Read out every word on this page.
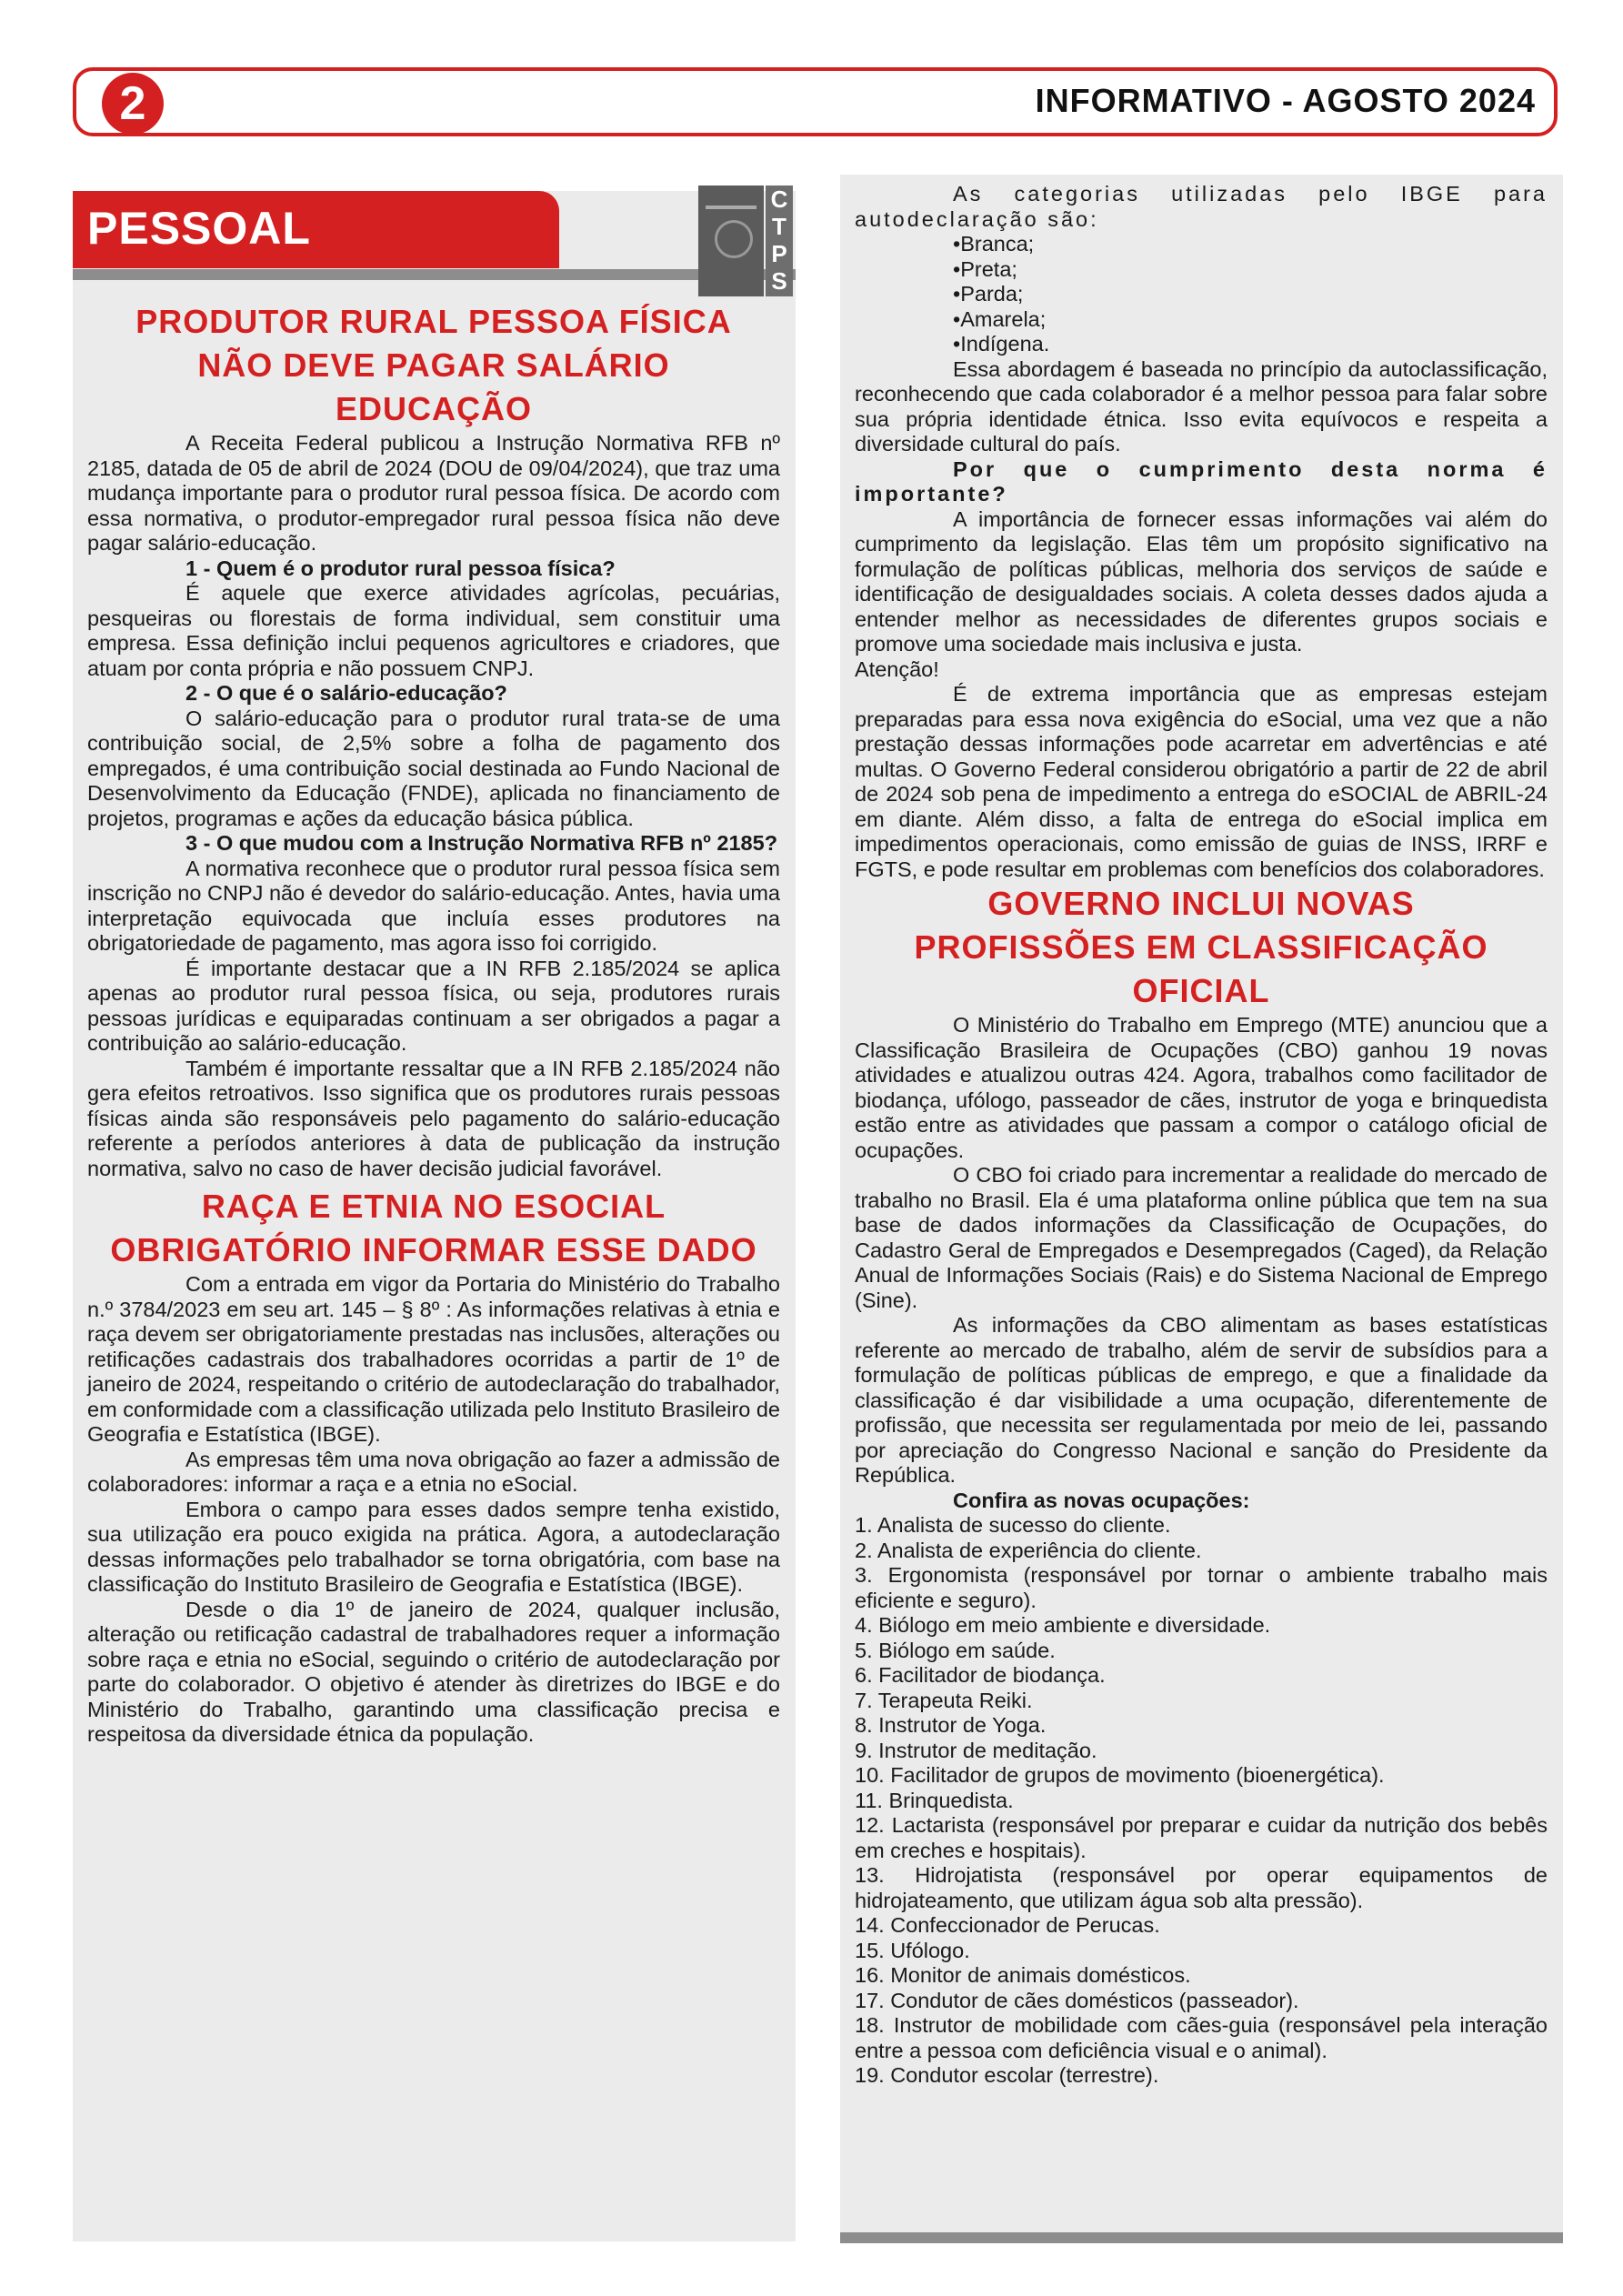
2	INFORMATIVO - AGOSTO 2024
PESSOAL
C
T
P
S
PRODUTOR RURAL PESSOA FÍSICA
NÃO DEVE PAGAR SALÁRIO
EDUCAÇÃO

A Receita Federal publicou a Instrução Normativa RFB nº 2185, datada de 05 de abril de 2024 (DOU de 09/04/2024), que traz uma mudança importante para o produtor rural pessoa física. De acordo com essa normativa, o produtor-empregador rural pessoa física não deve pagar salário-educação.

1 - Quem é o produtor rural pessoa física?

É aquele que exerce atividades agrícolas, pecuárias, pesqueiras ou florestais de forma individual, sem constituir uma empresa. Essa definição inclui pequenos agricultores e criadores, que atuam por conta própria e não possuem CNPJ.

2 - O que é o salário-educação?

O salário-educação para o produtor rural trata-se de uma contribuição social, de 2,5% sobre a folha de pagamento dos empregados, é uma contribuição social destinada ao Fundo Nacional de Desenvolvimento da Educação (FNDE), aplicada no financiamento de projetos, programas e ações da educação básica pública.

3 - O que mudou com a Instrução Normativa RFB nº 2185?

A normativa reconhece que o produtor rural pessoa física sem inscrição no CNPJ não é devedor do salário-educação. Antes, havia uma interpretação equivocada que incluía esses produtores na obrigatoriedade de pagamento, mas agora isso foi corrigido.

É importante destacar que a IN RFB 2.185/2024 se aplica apenas ao produtor rural pessoa física, ou seja, produtores rurais pessoas jurídicas e equiparadas continuam a ser obrigados a pagar a contribuição ao salário-educação.

Também é importante ressaltar que a IN RFB 2.185/2024 não gera efeitos retroativos. Isso significa que os produtores rurais pessoas físicas ainda são responsáveis pelo pagamento do salário-educação referente a períodos anteriores à data de publicação da instrução normativa, salvo no caso de haver decisão judicial favorável.

RAÇA E ETNIA NO ESOCIAL
OBRIGATÓRIO INFORMAR ESSE DADO

Com a entrada em vigor da Portaria do Ministério do Trabalho n.º 3784/2023 em seu art. 145 – § 8º : As informações relativas à etnia e raça devem ser obrigatoriamente prestadas nas inclusões, alterações ou retificações cadastrais dos trabalhadores ocorridas a partir de 1º de janeiro de 2024, respeitando o critério de autodeclaração do trabalhador, em conformidade com a classificação utilizada pelo Instituto Brasileiro de Geografia e Estatística (IBGE).

As empresas têm uma nova obrigação ao fazer a admissão de colaboradores: informar a raça e a etnia no eSocial.

Embora o campo para esses dados sempre tenha existido, sua utilização era pouco exigida na prática. Agora, a autodeclaração dessas informações pelo trabalhador se torna obrigatória, com base na classificação do Instituto Brasileiro de Geografia e Estatística (IBGE).

Desde o dia 1º de janeiro de 2024, qualquer inclusão, alteração ou retificação cadastral de trabalhadores requer a informação sobre raça e etnia no eSocial, seguindo o critério de autodeclaração por parte do colaborador. O objetivo é atender às diretrizes do IBGE e do Ministério do Trabalho, garantindo uma classificação precisa e respeitosa da diversidade étnica da população.

As categorias utilizadas pelo IBGE para autodeclaração são:

•Branca;
•Preta;
•Parda;
•Amarela;
•Indígena.

Essa abordagem é baseada no princípio da autoclassificação, reconhecendo que cada colaborador é a melhor pessoa para falar sobre sua própria identidade étnica. Isso evita equívocos e respeita a diversidade cultural do país.

Por que o cumprimento desta norma é importante?

A importância de fornecer essas informações vai além do cumprimento da legislação. Elas têm um propósito significativo na formulação de políticas públicas, melhoria dos serviços de saúde e identificação de desigualdades sociais. A coleta desses dados ajuda a entender melhor as necessidades de diferentes grupos sociais e promove uma sociedade mais inclusiva e justa.

Atenção!

É de extrema importância que as empresas estejam preparadas para essa nova exigência do eSocial, uma vez que a não prestação dessas informações pode acarretar em advertências e até multas. O Governo Federal considerou obrigatório a partir de 22 de abril de 2024 sob pena de impedimento a entrega do eSOCIAL de ABRIL-24 em diante. Além disso, a falta de entrega do eSocial implica em impedimentos operacionais, como emissão de guias de INSS, IRRF e FGTS, e pode resultar em problemas com benefícios dos colaboradores.

GOVERNO INCLUI NOVAS
PROFISSÕES EM CLASSIFICAÇÃO
OFICIAL

O Ministério do Trabalho em Emprego (MTE) anunciou que a Classificação Brasileira de Ocupações (CBO) ganhou 19 novas atividades e atualizou outras 424. Agora, trabalhos como facilitador de biodança, ufólogo, passeador de cães, instrutor de yoga e brinquedista estão entre as atividades que passam a compor o catálogo oficial de ocupações.

O CBO foi criado para incrementar a realidade do mercado de trabalho no Brasil. Ela é uma plataforma online pública que tem na sua base de dados informações da Classificação de Ocupações, do Cadastro Geral de Empregados e Desempregados (Caged), da Relação Anual de Informações Sociais (Rais) e do Sistema Nacional de Emprego (Sine).

As informações da CBO alimentam as bases estatísticas referente ao mercado de trabalho, além de servir de subsídios para a formulação de políticas públicas de emprego, e que a finalidade da classificação é dar visibilidade a uma ocupação, diferentemente de profissão, que necessita ser regulamentada por meio de lei, passando por apreciação do Congresso Nacional e sanção do Presidente da República.

Confira as novas ocupações:

1. Analista de sucesso do cliente.
2. Analista de experiência do cliente.
3. Ergonomista (responsável por tornar o ambiente trabalho mais eficiente e seguro).
4. Biólogo em meio ambiente e diversidade.
5. Biólogo em saúde.
6. Facilitador de biodança.
7. Terapeuta Reiki.
8. Instrutor de Yoga.
9. Instrutor de meditação.
10. Facilitador de grupos de movimento (bioenergética).
11. Brinquedista.
12. Lactarista (responsável por preparar e cuidar da nutrição dos bebês em creches e hospitais).
13. Hidrojatista (responsável por operar equipamentos de hidrojateamento, que utilizam água sob alta pressão).
14. Confeccionador de Perucas.
15. Ufólogo.
16. Monitor de animais domésticos.
17. Condutor de cães domésticos (passeador).
18. Instrutor de mobilidade com cães-guia (responsável pela interação entre a pessoa com deficiência visual e o animal).
19. Condutor escolar (terrestre).
